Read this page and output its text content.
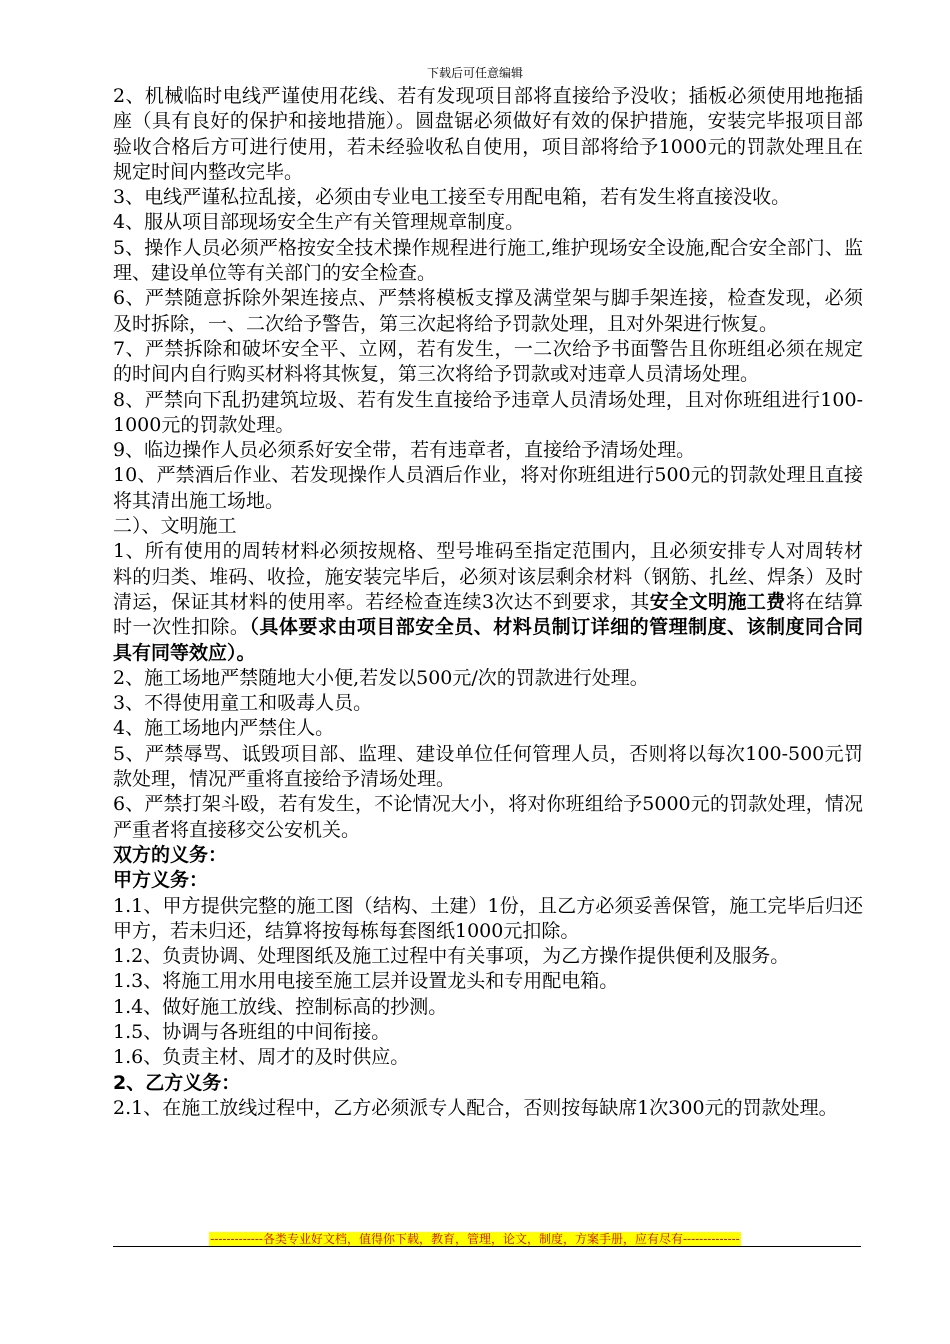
下载后可任意编辑

2、机械临时电线严谨使用花线、若有发现项目部将直接给予没收；插板必须使用地拖插座（具有良好的保护和接地措施）。圆盘锯必须做好有效的保护措施，安装完毕报项目部验收合格后方可进行使用，若未经验收私自使用，项目部将给予1000元的罚款处理且在规定时间内整改完毕。

3、电线严谨私拉乱接，必须由专业电工接至专用配电箱，若有发生将直接没收。

4、服从项目部现场安全生产有关管理规章制度。

5、操作人员必须严格按安全技术操作规程进行施工,维护现场安全设施,配合安全部门、监理、建设单位等有关部门的安全检查。

6、严禁随意拆除外架连接点、严禁将模板支撑及满堂架与脚手架连接，检查发现，必须及时拆除，一、二次给予警告，第三次起将给予罚款处理，且对外架进行恢复。

7、严禁拆除和破坏安全平、立网，若有发生，一二次给予书面警告且你班组必须在规定的时间内自行购买材料将其恢复，第三次将给予罚款或对违章人员清场处理。

8、严禁向下乱扔建筑垃圾、若有发生直接给予违章人员清场处理，且对你班组进行100-1000元的罚款处理。

9、临边操作人员必须系好安全带，若有违章者，直接给予清场处理。

10、严禁酒后作业、若发现操作人员酒后作业，将对你班组进行500元的罚款处理且直接将其清出施工场地。

二）、文明施工

1、所有使用的周转材料必须按规格、型号堆码至指定范围内，且必须安排专人对周转材料的归类、堆码、收捡，施安装完毕后，必须对该层剩余材料（钢筋、扎丝、焊条）及时清运，保证其材料的使用率。若经检查连续3次达不到要求，其安全文明施工费将在结算时一次性扣除。（具体要求由项目部安全员、材料员制订详细的管理制度、该制度同合同具有同等效应）。

2、施工场地严禁随地大小便,若发以500元/次的罚款进行处理。

3、不得使用童工和吸毒人员。

4、施工场地内严禁住人。

5、严禁辱骂、诋毁项目部、监理、建设单位任何管理人员，否则将以每次100-500元罚款处理，情况严重将直接给予清场处理。

6、严禁打架斗殴，若有发生，不论情况大小，将对你班组给予5000元的罚款处理，情况严重者将直接移交公安机关。

双方的义务：

甲方义务：

1.1、甲方提供完整的施工图（结构、土建）1份，且乙方必须妥善保管，施工完毕后归还甲方，若未归还，结算将按每栋每套图纸1000元扣除。

1.2、负责协调、处理图纸及施工过程中有关事项，为乙方操作提供便利及服务。

1.3、将施工用水用电接至施工层并设置龙头和专用配电箱。

1.4、做好施工放线、控制标高的抄测。

1.5、协调与各班组的中间衔接。

1.6、负责主材、周才的及时供应。

2、乙方义务：

2.1、在施工放线过程中，乙方必须派专人配合，否则按每缺席1次300元的罚款处理。

-------------各类专业好文档，值得你下载，教育，管理，论文，制度，方案手册，应有尽有--------------
